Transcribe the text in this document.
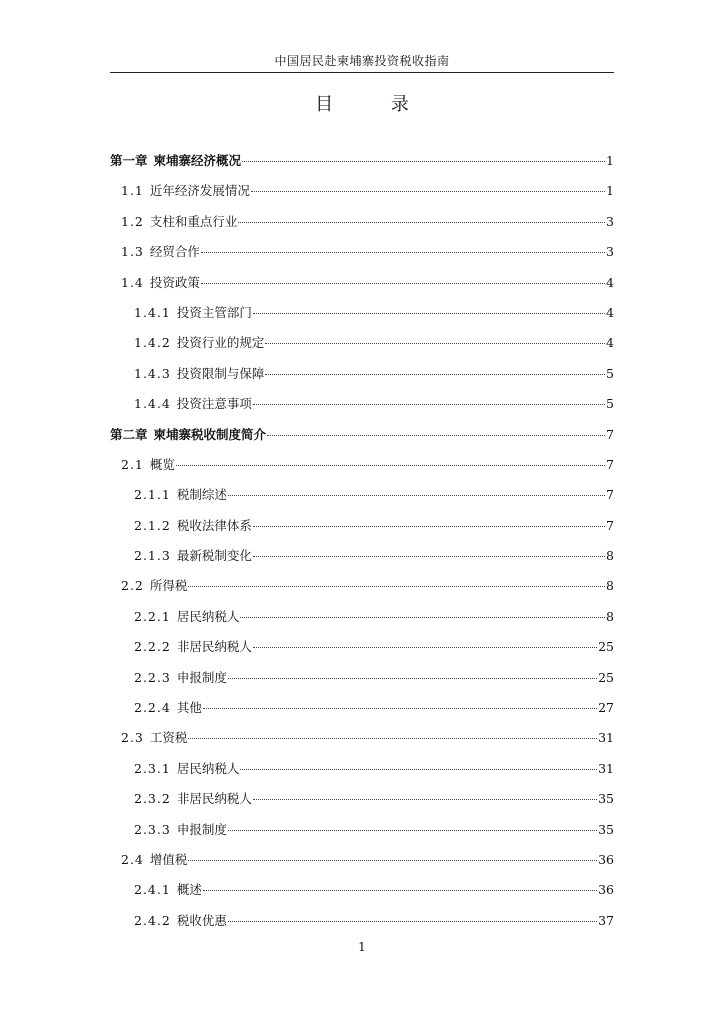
中国居民赴柬埔寨投资税收指南
目 录
第一章 柬埔寨经济概况	1
1.1 近年经济发展情况	1
1.2 支柱和重点行业	3
1.3 经贸合作	3
1.4 投资政策	4
1.4.1 投资主管部门	4
1.4.2 投资行业的规定	4
1.4.3 投资限制与保障	5
1.4.4 投资注意事项	5
第二章 柬埔寨税收制度简介	7
2.1 概览	7
2.1.1 税制综述	7
2.1.2 税收法律体系	7
2.1.3 最新税制变化	8
2.2 所得税	8
2.2.1 居民纳税人	8
2.2.2 非居民纳税人	25
2.2.3 申报制度	25
2.2.4 其他	27
2.3 工资税	31
2.3.1 居民纳税人	31
2.3.2 非居民纳税人	35
2.3.3 申报制度	35
2.4 增值税	36
2.4.1 概述	36
2.4.2 税收优惠	37
1
